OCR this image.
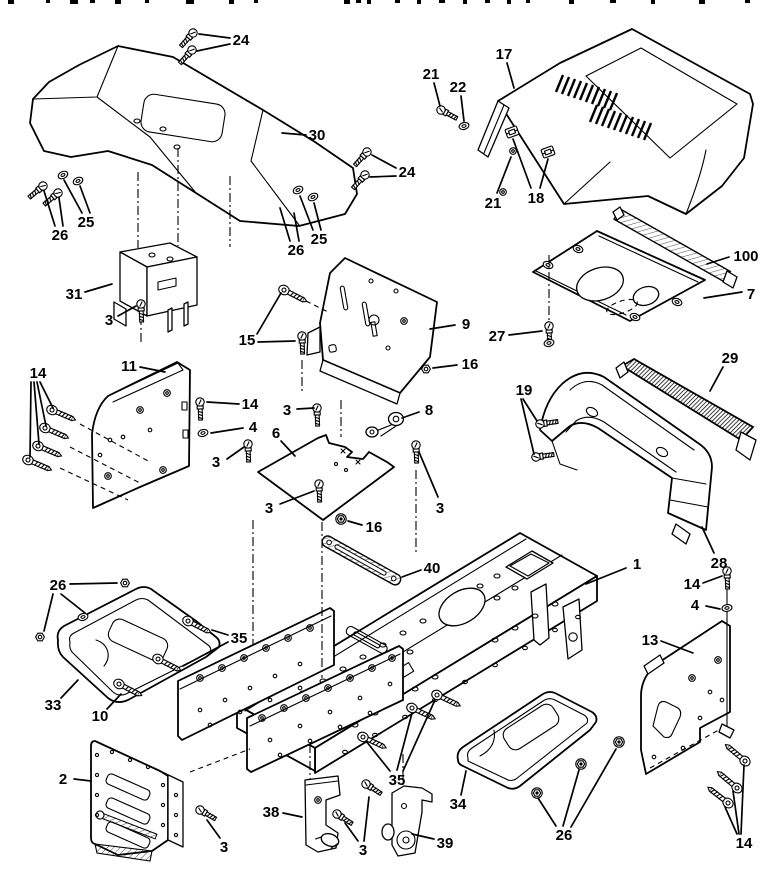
24
30
24
25
26
26
25
31
3
17
21
22
21 18
100
7
27
15
11
14
9
16
8
14
4
3
6
3
3
16
3
19
29
28
40	1
26
35
33
10
2
3
38
3
35
39
34
26
14
4
13
14
